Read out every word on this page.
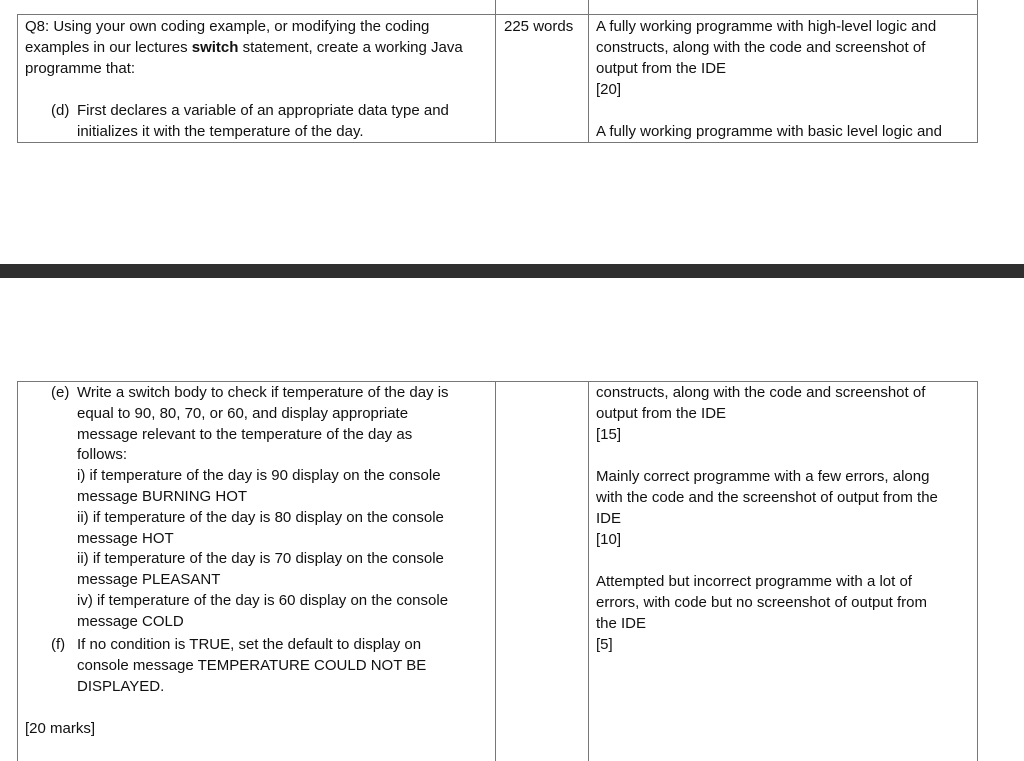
Q8: Using your own coding example, or modifying the coding
examples in our lectures switch statement, create a working Java
programme that:
(d) First declares a variable of an appropriate data type and
initializes it with the temperature of the day.
225 words A fully working programme with high-level logic and
constructs, along with the code and screenshot of
output from the IDE
[20]
A fully working programme with basic level logic and
(e) Write a switch body to check if temperature of the day is
equal to 90, 80, 70, or 60, and display appropriate
message relevant to the temperature of the day as
follows:
i) if temperature of the day is 90 display on the console
message BURNING HOT
ii) if temperature of the day is 80 display on the console
message HOT
ii) if temperature of the day is 70 display on the console
message PLEASANT
iv) if temperature of the day is 60 display on the console
message COLD
(f) If no condition is TRUE, set the default to display on
console message TEMPERATURE COULD NOT BE
DISPLAYED.
[20 marks]
constructs, along with the code and screenshot of
output from the IDE
[15]
Mainly correct programme with a few errors, along
with the code and the screenshot of output from the
IDE
[10]
Attempted but incorrect programme with a lot of
errors, with code but no screenshot of output from
the IDE
[5]
